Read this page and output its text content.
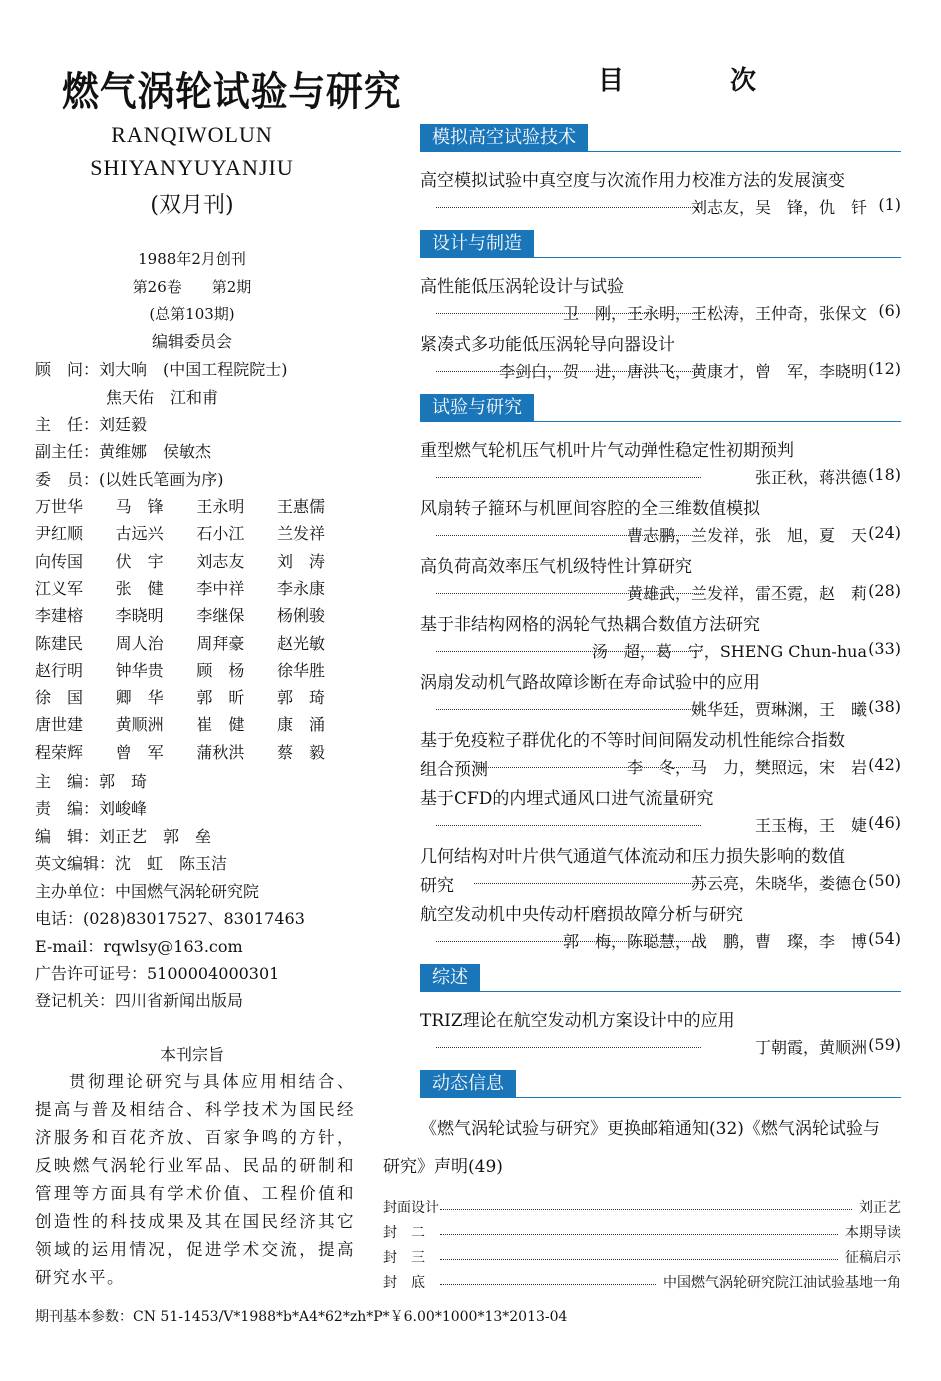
燃气涡轮试验与研究
RANQIWOLUN
SHIYANYUYANJIU
(双月刊)
1988年2月创刊
第26卷　　第2期
(总第103期)
编辑委员会
顾　问：刘大响　(中国工程院院士)
焦天佑　江和甫
主　任：刘廷毅
副主任：黄维娜　侯敏杰
委　员：(以姓氏笔画为序)
万世华 马　锋 王永明 王惠儒
尹红顺 古远兴 石小江 兰发祥
向传国 伏　宇 刘志友 刘　涛
江义军 张　健 李中祥 李永康
李建榕 李晓明 李继保 杨俐骏
陈建民 周人治 周拜豪 赵光敏
赵行明 钟华贵 顾　杨 徐华胜
徐　国 卿　华 郭　昕 郭　琦
唐世建 黄顺洲 崔　健 康　涌
程荣辉 曾　军 蒲秋洪 蔡　毅
主　编：郭　琦
责　编：刘峻峰
编　辑：刘正艺　郭　垒
英文编辑：沈　虹　陈玉洁
主办单位：中国燃气涡轮研究院
电话：(028)83017527、83017463
E-mail：rqwlsy@163.com
广告许可证号：5100004000301
登记机关：四川省新闻出版局
本刊宗旨
贯彻理论研究与具体应用相结合、提高与普及相结合、科学技术为国民经济服务和百花齐放、百家争鸣的方针，反映燃气涡轮行业军品、民品的研制和管理等方面具有学术价值、工程价值和创造性的科技成果及其在国民经济其它领域的运用情况，促进学术交流，提高研究水平。
目　次
模拟高空试验技术
高空模拟试验中真空度与次流作用力校准方法的发展演变
刘志友，吴　锋，仇　钎 (1)
设计与制造
高性能低压涡轮设计与试验
卫　刚，王永明，王松涛，王仲奇，张保文 (6)
紧凑式多功能低压涡轮导向器设计
李剑白，贺　进，唐洪飞，黄康才，曾　军，李晓明 (12)
试验与研究
重型燃气轮机压气机叶片气动弹性稳定性初期预判
张正秋，蒋洪德 (18)
风扇转子箍环与机匣间容腔的全三维数值模拟
曹志鹏，兰发祥，张　旭，夏　天 (24)
高负荷高效率压气机级特性计算研究
黄雄武，兰发祥，雷丕霓，赵　莉 (28)
基于非结构网格的涡轮气热耦合数值方法研究
汤　超，葛　宁，SHENG Chun-hua (33)
涡扇发动机气路故障诊断在寿命试验中的应用
姚华廷，贾琳渊，王　曦 (38)
基于免疫粒子群优化的不等时间间隔发动机性能综合指数
组合预测	李　冬，马　力，樊照远，宋　岩 (42)
基于CFD的内埋式通风口进气流量研究
王玉梅，王　婕 (46)
几何结构对叶片供气通道气体流动和压力损失影响的数值
研究	苏云亮，朱晓华，娄德仓 (50)
航空发动机中央传动杆磨损故障分析与研究
郭　梅，陈聪慧，战　鹏，曹　璨，李　博 (54)
综述
TRIZ理论在航空发动机方案设计中的应用
丁朝霞，黄顺洲 (59)
动态信息
《燃气涡轮试验与研究》更换邮箱通知(32)《燃气涡轮试验与
研究》声明(49)
封面设计	刘正艺
封　二	本期导读
封　三	征稿启示
封　底	中国燃气涡轮研究院江油试验基地一角
期刊基本参数：CN 51-1453/V*1988*b*A4*62*zh*P*￥6.00*1000*13*2013-04
